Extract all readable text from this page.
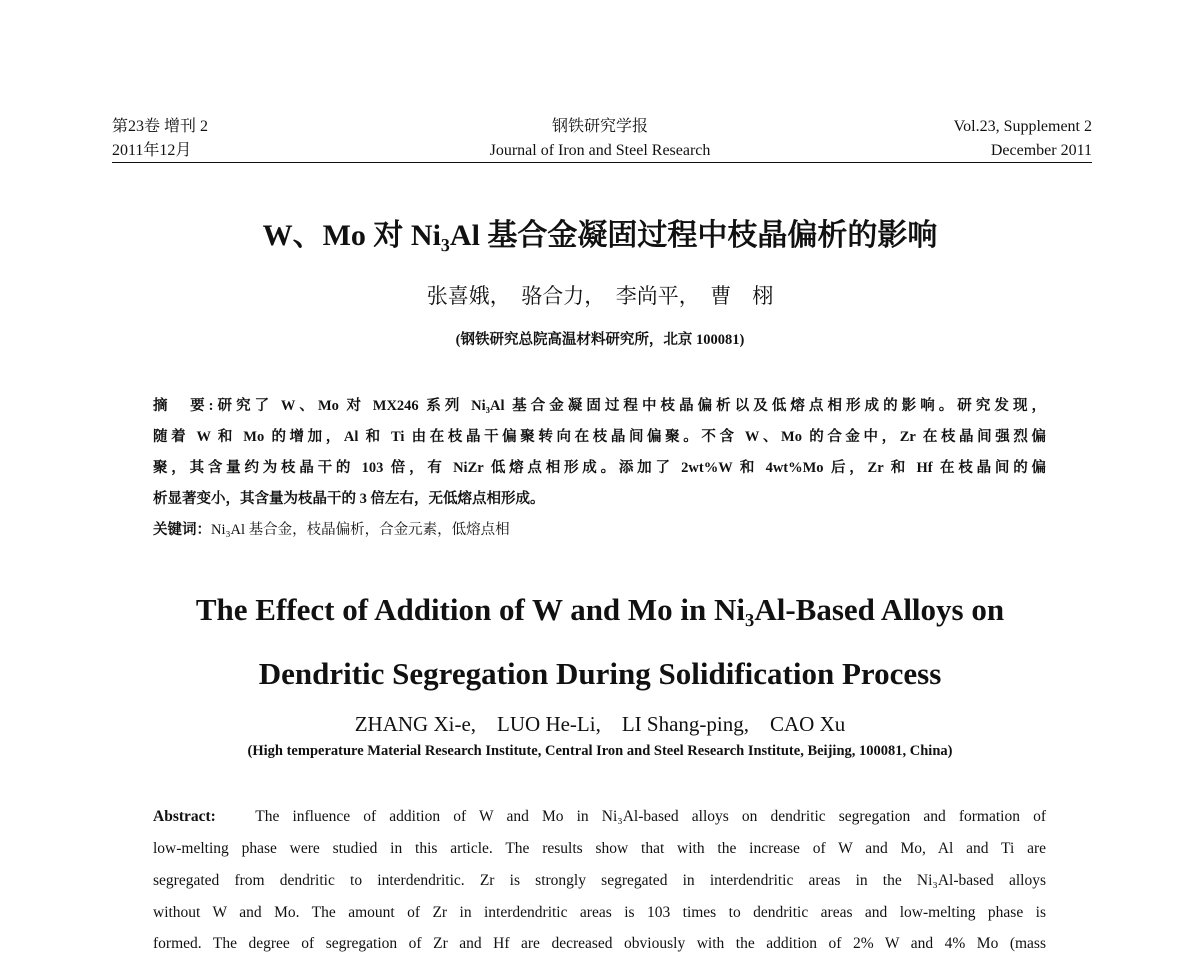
第23卷 增刊 2
2011年12月
钢铁研究学报
Journal of Iron and Steel Research
Vol.23, Supplement 2
December 2011
W、Mo 对 Ni₃Al 基合金凝固过程中枝晶偏析的影响
张喜娥，　骆合力，　李尚平，　曹　栩
(钢铁研究总院高温材料研究所，北京 100081)
摘　要:研究了 W、Mo 对 MX246 系列 Ni₃Al 基合金凝固过程中枝晶偏析以及低熔点相形成的影响。研究发现，
随着 W 和 Mo 的增加，Al 和 Ti 由在枝晶干偏聚转向在枝晶间偏聚。不含 W、Mo 的合金中，Zr 在枝晶间强烈偏
聚，其含量约为枝晶干的 103 倍，有 NiZr 低熔点相形成。添加了 2wt%W 和 4wt%Mo 后，Zr 和 Hf 在枝晶间的偏
析显著变小，其含量为枝晶干的 3 倍左右，无低熔点相形成。
关键词：Ni₃Al 基合金，枝晶偏析，合金元素，低熔点相
The Effect of Addition of W and Mo in Ni₃Al-Based Alloys on
Dendritic Segregation During Solidification Process
ZHANG Xi-e,　LUO He-Li,　LI Shang-ping,　CAO Xu
(High temperature Material Research Institute, Central Iron and Steel Research Institute, Beijing, 100081, China)
Abstract:	The influence of addition of W and Mo in Ni₃Al-based alloys on dendritic segregation and formation of
low-melting phase were studied in this article. The results show that with the increase of W and Mo, Al and Ti are
segregated from dendritic to interdendritic. Zr is strongly segregated in interdendritic areas in the Ni₃Al-based alloys
without W and Mo. The amount of Zr in interdendritic areas is 103 times to dendritic areas and low-melting phase is
formed. The degree of segregation of Zr and Hf are decreased obviously with the addition of 2% W and 4% Mo (mass
